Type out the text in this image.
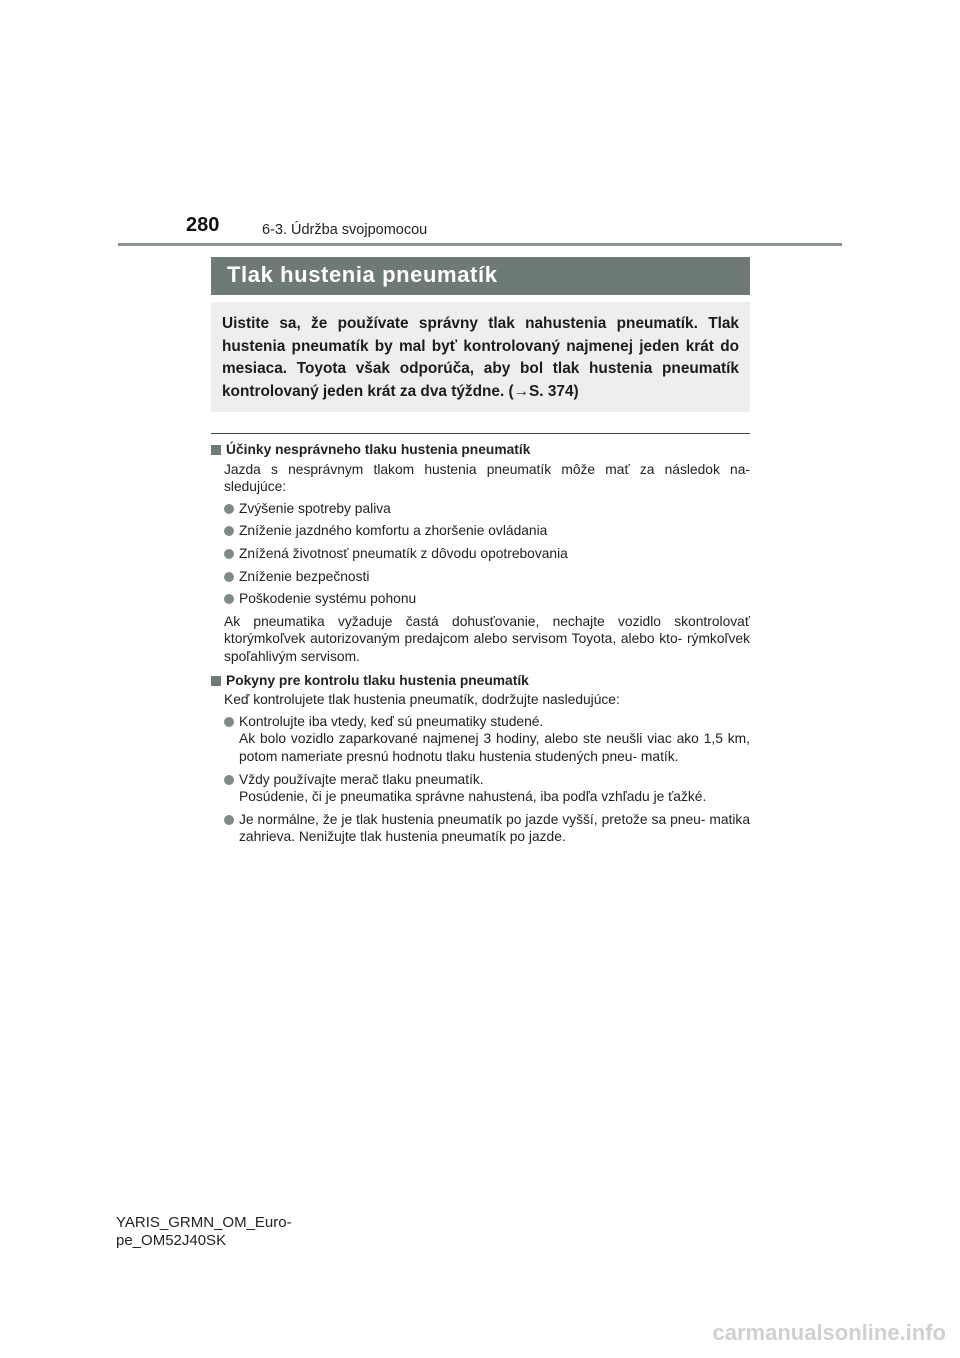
280	6-3. Údržba svojpomocou
Tlak hustenia pneumatík
Uistite sa, že používate správny tlak nahustenia pneumatík. Tlak hustenia pneumatík by mal byť kontrolovaný najmenej jeden krát do mesiaca. Toyota však odporúča, aby bol tlak hustenia pneumatík kontrolovaný jeden krát za dva týždne. (→S. 374)
Účinky nesprávneho tlaku hustenia pneumatík
Jazda s nesprávnym tlakom hustenia pneumatík môže mať za následok na- sledujúce:
Zvýšenie spotreby paliva
Zníženie jazdného komfortu a zhoršenie ovládania
Znížená životnosť pneumatík z dôvodu opotrebovania
Zníženie bezpečnosti
Poškodenie systému pohonu
Ak pneumatika vyžaduje častá dohusťovanie, nechajte vozidlo skontrolovať ktorýmkoľvek autorizovaným predajcom alebo servisom Toyota, alebo kto- rýmkoľvek spoľahlivým servisom.
Pokyny pre kontrolu tlaku hustenia pneumatík
Keď kontrolujete tlak hustenia pneumatík, dodržujte nasledujúce:
Kontrolujte iba vtedy, keď sú pneumatiky studené.
Ak bolo vozidlo zaparkované najmenej 3 hodiny, alebo ste neušli viac ako 1,5 km, potom nameriate presnú hodnotu tlaku hustenia studených pneu- matík.
Vždy používajte merač tlaku pneumatík.
Posúdenie, či je pneumatika správne nahustená, iba podľa vzhľadu je ťažké.
Je normálne, že je tlak hustenia pneumatík po jazde vyšší, pretože sa pneu- matika zahrieva. Nenižujte tlak hustenia pneumatík po jazde.
YARIS_GRMN_OM_Euro-
pe_OM52J40SK
carmanualsonline.info
